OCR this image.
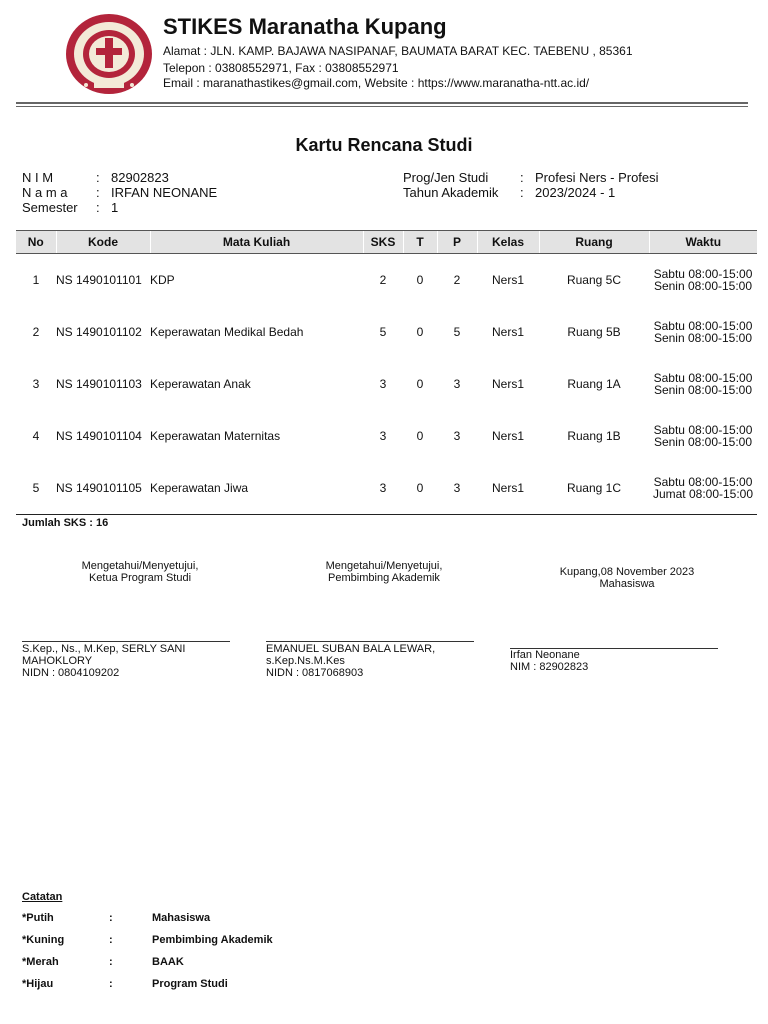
STIKES Maranatha Kupang
Alamat : JLN. KAMP. BAJAWA NASIPANAF, BAUMATA BARAT KEC. TAEBENU , 85361
Telepon : 03808552971, Fax : 03808552971
Email : maranathastikes@gmail.com, Website : https://www.maranatha-ntt.ac.id/
Kartu Rencana Studi
N I M	: 82902823
N a m a : IRFAN NEONANE
Semester : 1
Prog/Jen Studi : Profesi Ners - Profesi
Tahun Akademik : 2023/2024 - 1
No	Kode	Mata Kuliah	SKS	T	P	Kelas	Ruang	Waktu
1	NS 1490101101	KDP	2	0	2	Ners1	Ruang 5C	Sabtu 08:00-15:00
Senin 08:00-15:00

2	NS 1490101102	Keperawatan Medikal Bedah	5	0	5	Ners1	Ruang 5B	Sabtu 08:00-15:00
Senin 08:00-15:00

3	NS 1490101103	Keperawatan Anak	3	0	3	Ners1	Ruang 1A	Sabtu 08:00-15:00
Senin 08:00-15:00

4	NS 1490101104	Keperawatan Maternitas	3	0	3	Ners1	Ruang 1B	Sabtu 08:00-15:00
Senin 08:00-15:00

5	NS 1490101105	Keperawatan Jiwa	3	0	3	Ners1	Ruang 1C	Sabtu 08:00-15:00
Jumat 08:00-15:00
Jumlah SKS : 16
Mengetahui/Menyetujui,
Ketua Program Studi
Mengetahui/Menyetujui,
Pembimbing Akademik	Kupang,08 November 2023
Mahasiswa
S.Kep., Ns., M.Kep, SERLY SANI
MAHOKLORY
NIDN : 0804109202
EMANUEL SUBAN BALA LEWAR,
s.Kep.Ns.M.Kes
NIDN : 0817068903
Irfan Neonane
NIM : 82902823
Catatan
*Putih	:	Mahasiswa
*Kuning	:	Pembimbing Akademik
*Merah	:	BAAK
*Hijau	:	Program Studi
